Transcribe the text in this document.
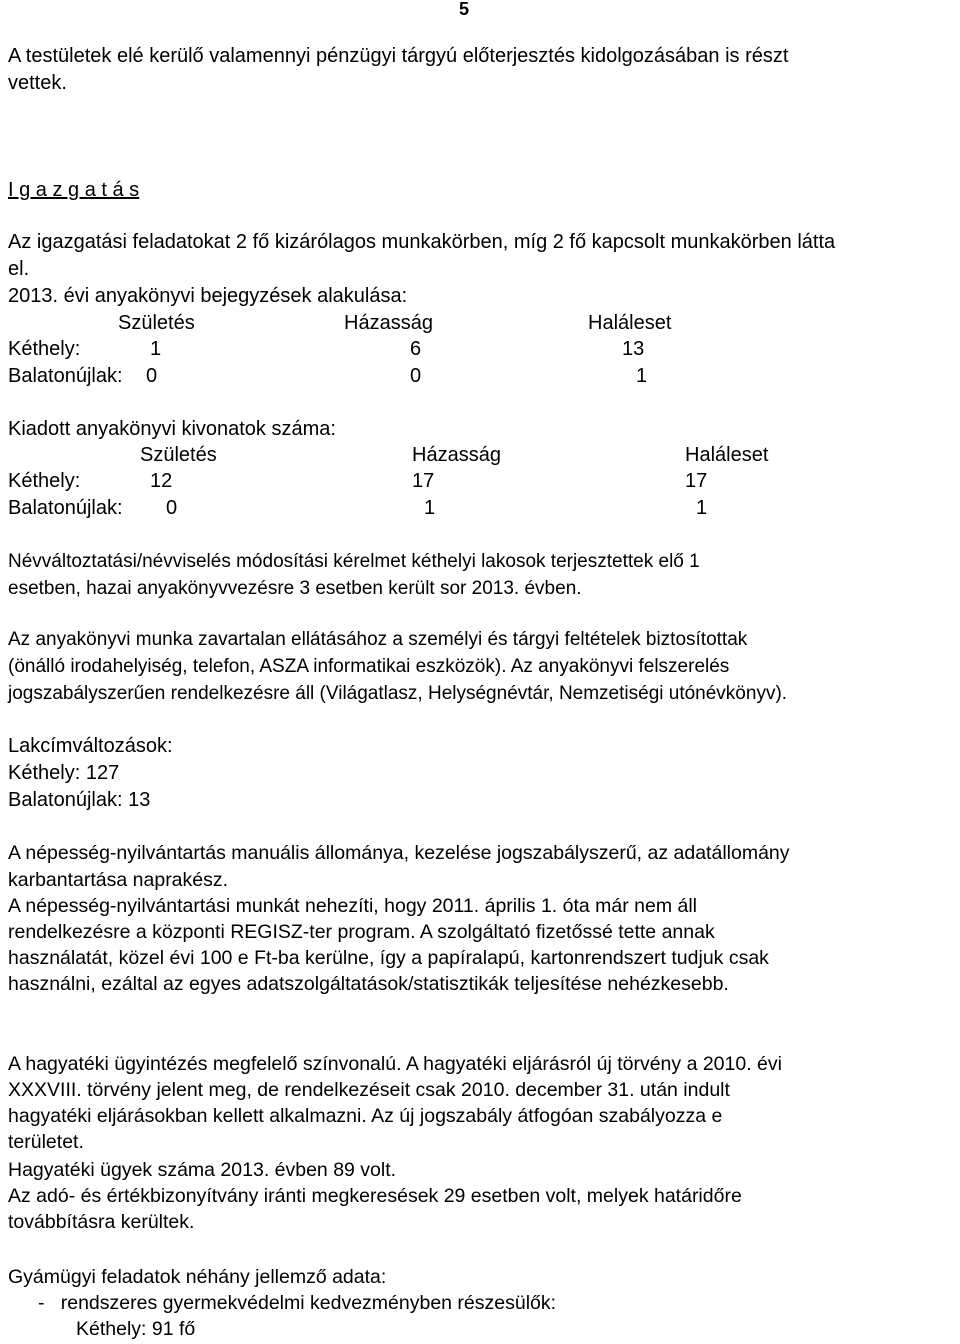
5
A testületek elé kerülő valamennyi pénzügyi tárgyú előterjesztés kidolgozásában is részt
vettek.
I g a z g a t á s
Az igazgatási feladatokat 2 fő kizárólagos munkakörben, míg 2 fő kapcsolt munkakörben látta
el.
2013. évi anyakönyvi bejegyzések alakulása:
Születés	Házasság	Haláleset
Kéthely:	1	6	13
Balatonújlak: 0	0	1
Kiadott anyakönyvi kivonatok száma:
Születés	Házasság	Haláleset
Kéthely:	12	17	17
Balatonújlak: 0	1	1
Névváltoztatási/névviselés módosítási kérelmet kéthelyi lakosok terjesztettek elő 1
esetben, hazai anyakönyvvezésre 3 esetben került sor 2013. évben.
Az anyakönyvi munka zavartalan ellátásához a személyi és tárgyi feltételek biztosítottak
(önálló irodahelyiség, telefon, ASZA informatikai eszközök). Az anyakönyvi felszerelés
jogszabályszerűen rendelkezésre áll (Világatlasz, Helységnévtár, Nemzetiségi utónévkönyv).
Lakcímváltozások:
Kéthely: 127
Balatonújlak: 13
A népesség-nyilvántartás manuális állománya, kezelése jogszabályszerű, az adatállomány
karbantartása naprakész.
A népesség-nyilvántartási munkát nehezíti, hogy 2011. április 1. óta már nem áll
rendelkezésre a központi REGISZ-ter program. A szolgáltató fizetőssé tette annak
használatát, közel évi 100 e Ft-ba kerülne, így a papíralapú, kartonrendszert tudjuk csak
használni, ezáltal az egyes adatszolgáltatások/statisztikák teljesítése nehézkesebb.
A hagyatéki ügyintézés megfelelő színvonalú. A hagyatéki eljárásról új törvény a 2010. évi
XXXVIII. törvény jelent meg, de rendelkezéseit csak 2010. december 31. után indult
hagyatéki eljárásokban kellett alkalmazni. Az új jogszabály átfogóan szabályozza e
területet.
Hagyatéki ügyek száma 2013. évben 89 volt.
Az adó- és értékbizonyítvány iránti megkeresések 29 esetben volt, melyek határidőre
továbbításra kerültek.
Gyámügyi feladatok néhány jellemző adata:
-   rendszeres gyermekvédelmi kedvezményben részesülők:
Kéthely: 91 fő
